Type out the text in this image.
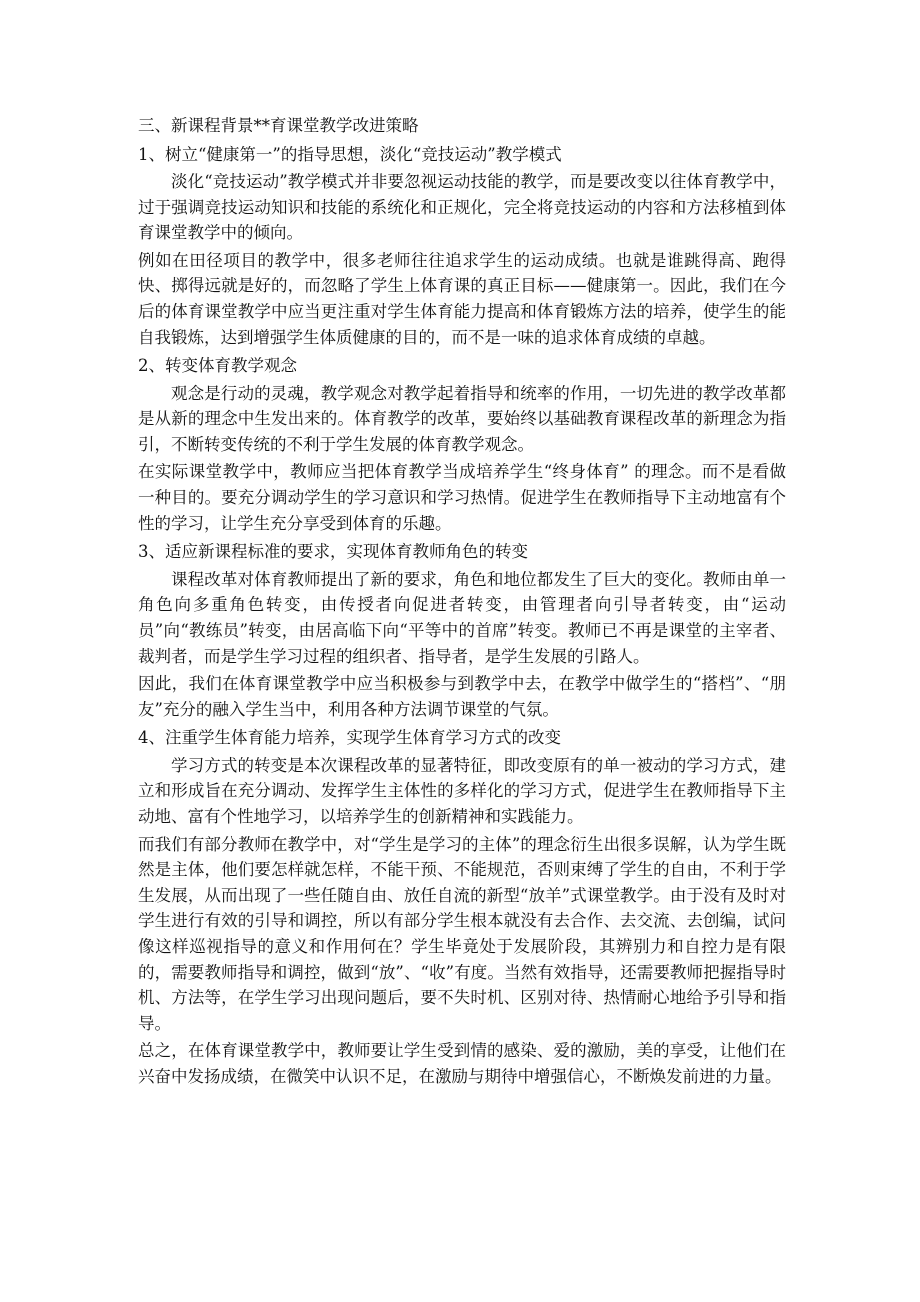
三、新课程背景**育课堂教学改进策略

1、树立“健康第一”的指导思想，淡化“竞技运动”教学模式

淡化“竞技运动”教学模式并非要忽视运动技能的教学，而是要改变以往体育教学中，过于强调竞技运动知识和技能的系统化和正规化，完全将竞技运动的内容和方法移植到体育课堂教学中的倾向。

例如在田径项目的教学中，很多老师往往追求学生的运动成绩。也就是谁跳得高、跑得快、掷得远就是好的，而忽略了学生上体育课的真正目标——健康第一。因此，我们在今后的体育课堂教学中应当更注重对学生体育能力提高和体育锻炼方法的培养，使学生的能自我锻炼，达到增强学生体质健康的目的，而不是一味的追求体育成绩的卓越。

2、转变体育教学观念

观念是行动的灵魂，教学观念对教学起着指导和统率的作用，一切先进的教学改革都是从新的理念中生发出来的。体育教学的改革，要始终以基础教育课程改革的新理念为指引，不断转变传统的不利于学生发展的体育教学观念。

在实际课堂教学中，教师应当把体育教学当成培养学生“终身体育” 的理念。而不是看做一种目的。要充分调动学生的学习意识和学习热情。促进学生在教师指导下主动地富有个性的学习，让学生充分享受到体育的乐趣。

3、适应新课程标准的要求，实现体育教师角色的转变

课程改革对体育教师提出了新的要求，角色和地位都发生了巨大的变化。教师由单一角色向多重角色转变，由传授者向促进者转变，由管理者向引导者转变，由“运动员”向“教练员”转变，由居高临下向“平等中的首席”转变。教师已不再是课堂的主宰者、裁判者，而是学生学习过程的组织者、指导者，是学生发展的引路人。

因此，我们在体育课堂教学中应当积极参与到教学中去，在教学中做学生的“搭档”、“朋友”充分的融入学生当中，利用各种方法调节课堂的气氛。

4、注重学生体育能力培养，实现学生体育学习方式的改变

学习方式的转变是本次课程改革的显著特征，即改变原有的单一被动的学习方式，建立和形成旨在充分调动、发挥学生主体性的多样化的学习方式，促进学生在教师指导下主动地、富有个性地学习，以培养学生的创新精神和实践能力。

而我们有部分教师在教学中，对“学生是学习的主体”的理念衍生出很多误解，认为学生既然是主体，他们要怎样就怎样，不能干预、不能规范，否则束缚了学生的自由，不利于学生发展，从而出现了一些任随自由、放任自流的新型“放羊”式课堂教学。由于没有及时对学生进行有效的引导和调控，所以有部分学生根本就没有去合作、去交流、去创编，试问像这样巡视指导的意义和作用何在？学生毕竟处于发展阶段，其辨别力和自控力是有限的，需要教师指导和调控，做到“放”、“收”有度。当然有效指导，还需要教师把握指导时机、方法等，在学生学习出现问题后，要不失时机、区别对待、热情耐心地给予引导和指导。

总之，在体育课堂教学中，教师要让学生受到情的感染、爱的激励，美的享受，让他们在兴奋中发扬成绩，在微笑中认识不足，在激励与期待中增强信心，不断焕发前进的力量。
